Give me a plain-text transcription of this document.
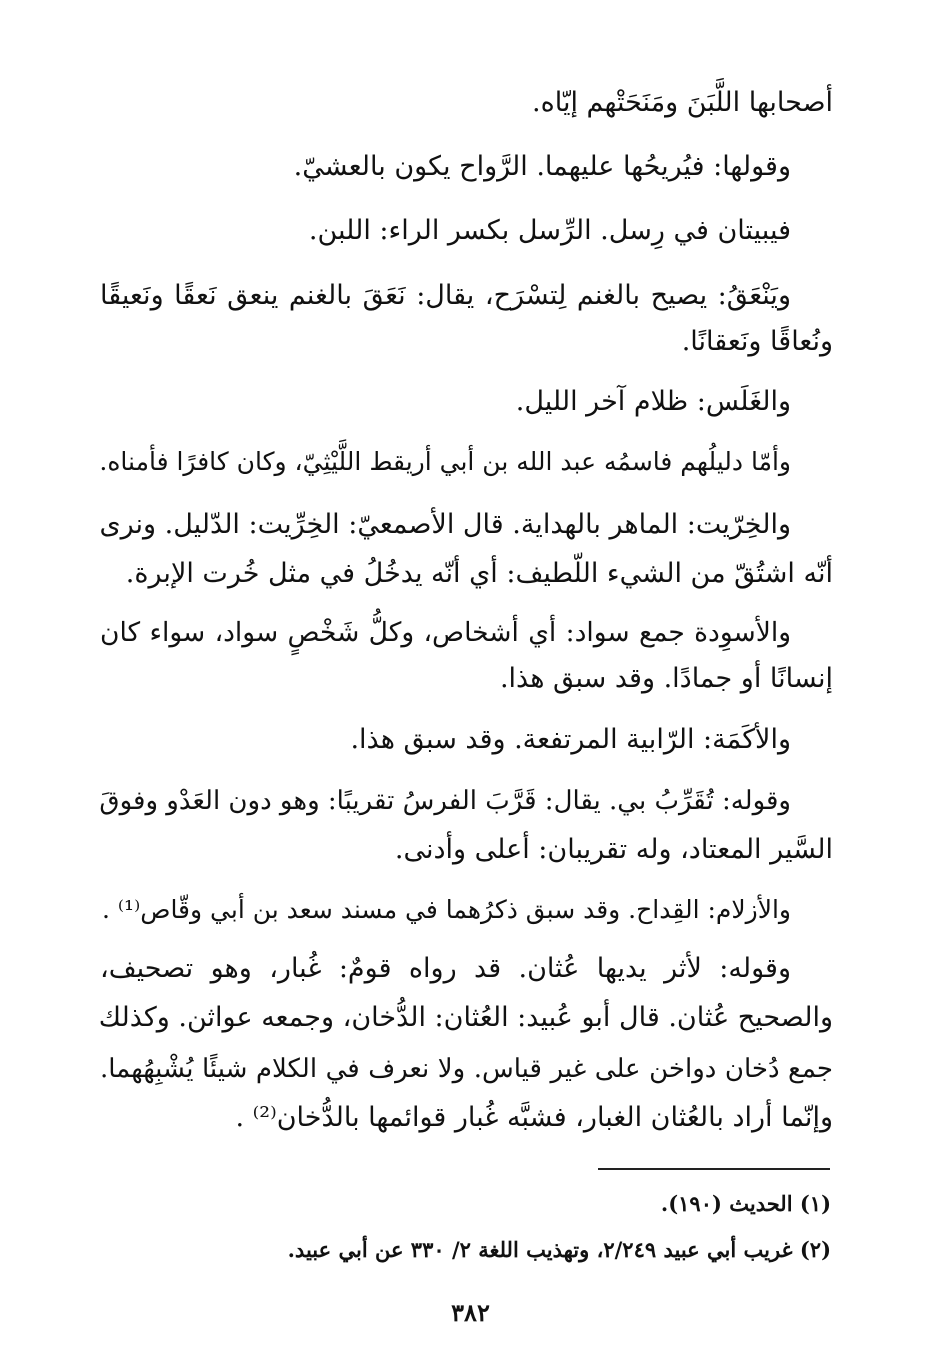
أصحابها اللَّبَنَ ومَنَحَتْهم إيّاه.

وقولها: فيُريحُها عليهما. الرَّواح يكون بالعشيّ.

فيبيتان في رِسل. الرِّسل بكسر الراء: اللبن.

ويَنْعَقُ: يصيح بالغنم لِتسْرَح، يقال: نَعَقَ بالغنم ينعق نَعقًا ونَعيقًا

ونُعاقًا ونَعقانًا.

والغَلَس: ظلام آخر الليل.

وأمّا دليلُهم فاسمُه عبد الله بن أبي أريقط اللَّيْثِيّ، وكان كافرًا فأمناه.

والخِرّيت: الماهر بالهداية. قال الأصمعيّ: الخِرِّيت: الدّليل. ونرى

أنّه اشتُقّ من الشيء اللّطيف: أي أنّه يدخُلُ في مثل خُرت الإبرة.

والأسوِدة جمع سواد: أي أشخاص، وكلُّ شَخْصٍ سواد، سواء كان

إنسانًا أو جمادًا. وقد سبق هذا.

والأكَمَة: الرّابية المرتفعة. وقد سبق هذا.

وقوله: تُقَرِّبُ بي. يقال: قَرَّبَ الفرسُ تقريبًا: وهو دون العَدْو وفوقَ

السَّير المعتاد، وله تقريبان: أعلى وأدنى.

والأزلام: القِداح. وقد سبق ذكرُهما في مسند سعد بن أبي وقّاص⁽¹⁾ .

وقوله: لأثر يديها عُثان. قد رواه قومٌ: غُبار، وهو تصحيف،

والصحيح عُثان. قال أبو عُبيد: العُثان: الدُّخان، وجمعه عواثن. وكذلك

جمع دُخان دواخن على غير قياس. ولا نعرف في الكلام شيئًا يُشْبِهُهما.

وإنّما أراد بالعُثان الغبار، فشبَّه غُبار قوائمها بالدُّخان⁽²⁾ .

(١) الحديث (١٩٠).

(٢) غريب أبي عبيد ٢/٢٤٩، وتهذيب اللغة ٢/ ٣٣٠ عن أبي عبيد.

٣٨٢
